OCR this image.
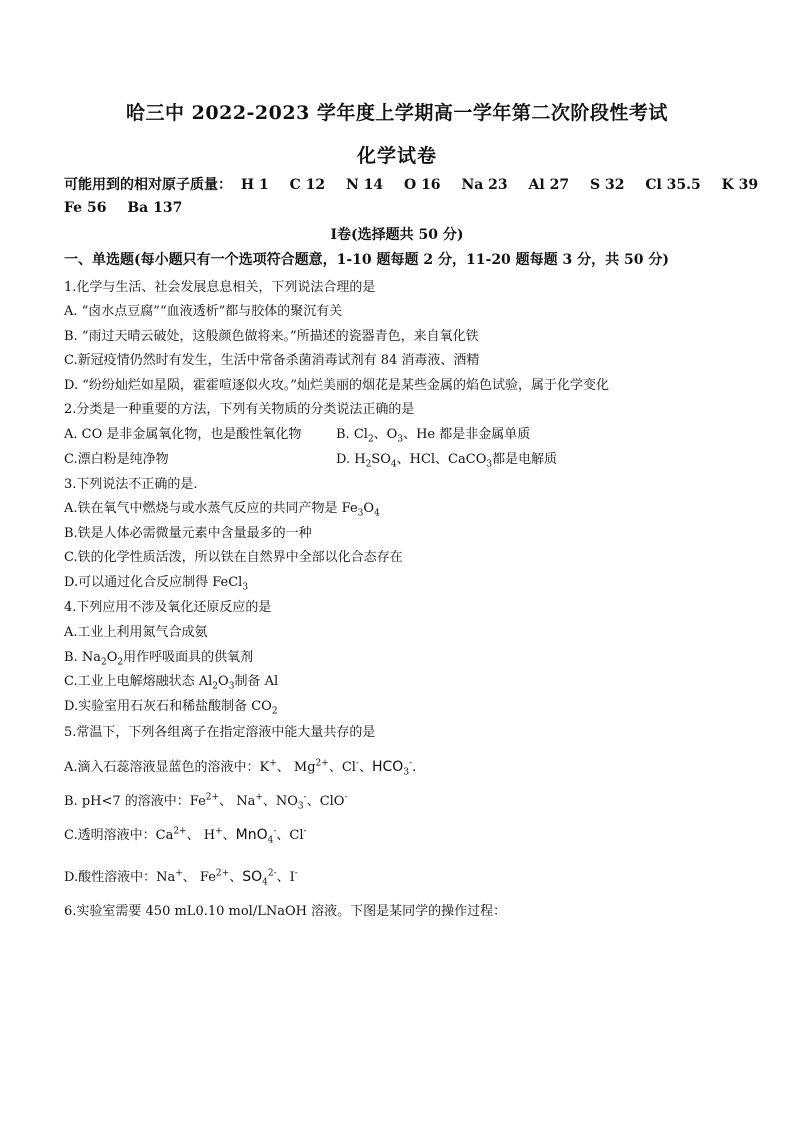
哈三中 2022-2023 学年度上学期高一学年第二次阶段性考试
化学试卷
可能用到的相对原子质量： H 1 C 12 N 14 O 16 Na 23 Al 27 S 32 Cl 35.5 K 39
Fe 56 Ba 137
Ⅰ卷(选择题共 50 分)
一、单选题(每小题只有一个选项符合题意，1-10 题每题 2 分，11-20 题每题 3 分，共 50 分)
1.化学与生活、社会发展息息相关，下列说法合理的是
A. “卤水点豆腐”“血液透析”都与胶体的聚沉有关
B. “雨过天晴云破处，这般颜色做将来。”所描述的瓷器青色，来自氧化铁
C.新冠疫情仍然时有发生，生活中常备杀菌消毒试剂有 84 消毒液、酒精
D. “纷纷灿烂如星陨，霍霍喧逐似火攻。”灿烂美丽的烟花是某些金属的焰色试验，属于化学变化
2.分类是一种重要的方法，下列有关物质的分类说法正确的是
A. CO 是非金属氧化物，也是酸性氧化物	B. $Cl_2$、$O_3$、He 都是非金属单质
C.漂白粉是纯净物	D. $H_2SO_4$、HCl、CaCO$_3$都是电解质
3.下列说法不正确的是.
A.铁在氧气中燃烧与或水蒸气反应的共同产物是 $Fe_3O_4$
B.铁是人体必需微量元素中含量最多的一种
C.铁的化学性质活泼，所以铁在自然界中全部以化合态存在
D.可以通过化合反应制得 FeCl$_3$
4.下列应用不涉及氧化还原反应的是
A.工业上利用氮气合成氨
B. $Na_2O_2$用作呼吸面具的供氧剂
C.工业上电解熔融状态 $Al_2O_3$制备 Al
D.实验室用石灰石和稀盐酸制备 $CO_2$
5.常温下，下列各组离子在指定溶液中能大量共存的是
A.滴入石蕊溶液显蓝色的溶液中：K+、 $Mg^{2+}$、Cl-、$HCO_3^-$.
B. pH<7 的溶液中：$Fe^{2+}$、 Na+、$NO_3^-$、ClO-
C.透明溶液中：$Ca^{2+}$、 H+、MnO$_4$-、Cl-
D.酸性溶液中：Na+、 $Fe^{2+}$、$SO_4^{2-}$、I-
6.实验室需要 450 mL0.10 mol/LNaOH 溶液。下图是某同学的操作过程：
